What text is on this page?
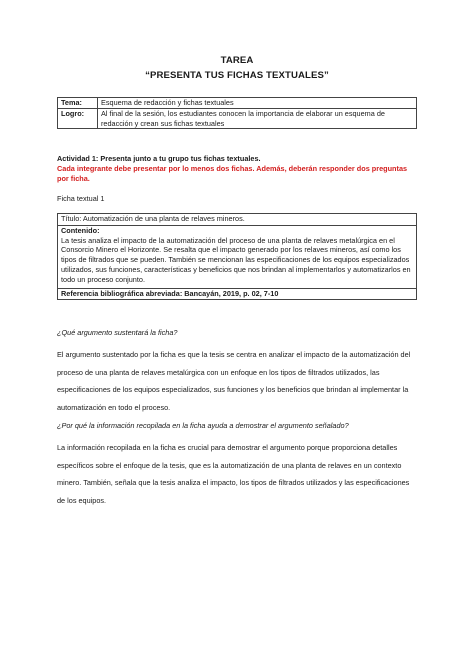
TAREA
“PRESENTA TUS FICHAS TEXTUALES”
Tema:	Esquema de redacción y fichas textuales
Logro:	Al final de la sesión, los estudiantes conocen la importancia de elaborar un esquema de redacción y crean sus fichas textuales
Actividad 1: Presenta junto a tu grupo tus fichas textuales.
Cada integrante debe presentar por lo menos dos fichas. Además, deberán responder dos preguntas por ficha.
Ficha textual 1
Título: Automatización de una planta de relaves mineros.
Contenido:
La tesis analiza el impacto de la automatización del proceso de una planta de relaves metalúrgica en el Consorcio Minero el Horizonte. Se resalta que el impacto generado por los relaves mineros, así como los tipos de filtrados que se pueden. También se mencionan las especificaciones de los equipos especializados utilizados, sus funciones, características y beneficios que nos brindan al implementarlos y automatizarlos en todo un proceso conjunto.
Referencia bibliográfica abreviada: Bancayán, 2019, p. 02, 7-10
¿Qué argumento sustentará la ficha?
El argumento sustentado por la ficha es que la tesis se centra en analizar el impacto de la automatización del proceso de una planta de relaves metalúrgica con un enfoque en los tipos de filtrados utilizados, las especificaciones de los equipos especializados, sus funciones y los beneficios que brindan al implementar la automatización en todo el proceso.
¿Por qué la información recopilada en la ficha ayuda a demostrar el argumento señalado?
La información recopilada en la ficha es crucial para demostrar el argumento porque proporciona detalles específicos sobre el enfoque de la tesis, que es la automatización de una planta de relaves en un contexto minero. También, señala que la tesis analiza el impacto, los tipos de filtrados utilizados y las especificaciones de los equipos.
